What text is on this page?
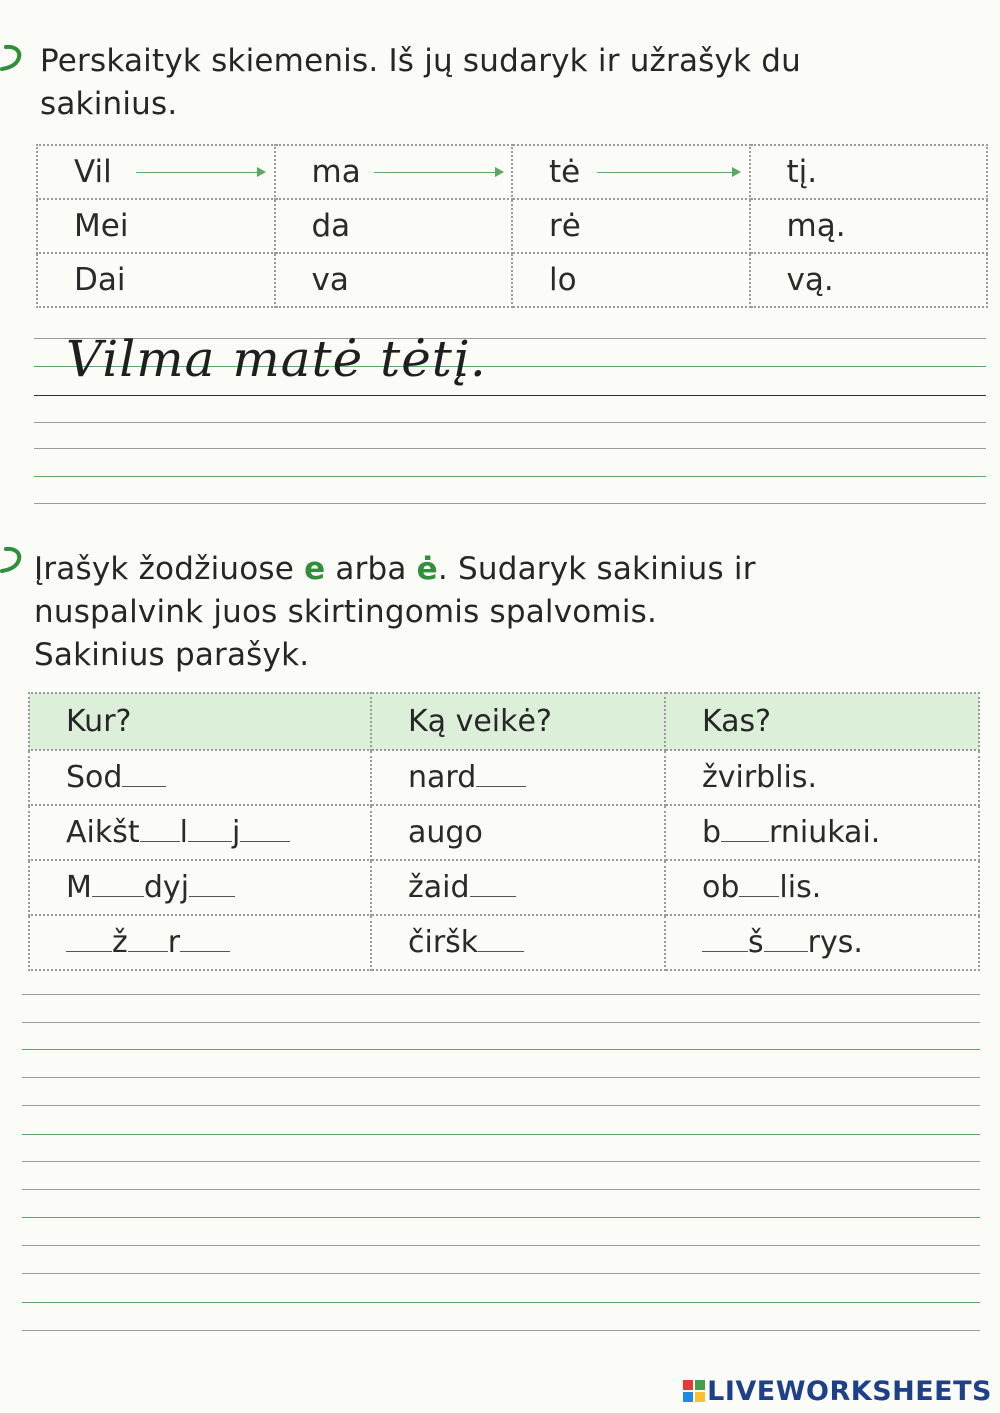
Perskaityk skiemenis. Iš jų sudaryk ir užrašyk du
sakinius.
Vil	ma	tė	tį.
Mei	da	rė	mą.
Dai	va	lo	vą.
Vilma matė tėtį.
Įrašyk žodžiuose e arba ė. Sudaryk sakinius ir
nuspalvink juos skirtingomis spalvomis.
Sakinius parašyk.
Kur?	Ką veikė?	Kas?
Sod	nard	žvirblis.
Aikšt l j	augo	b rniukai.
M dyj	žaid	ob lis.
ž r	čiršk	š rys.
LIVEWORKSHEETS
